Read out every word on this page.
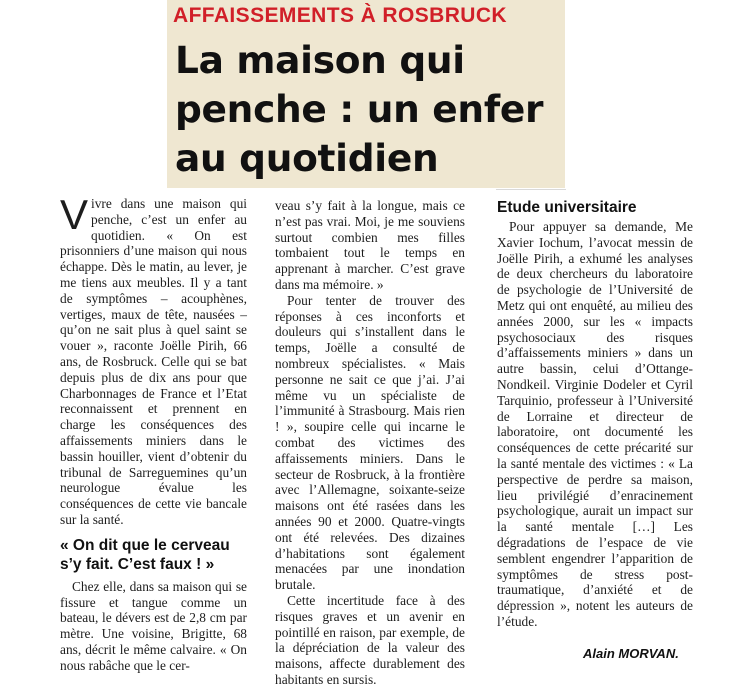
AFFAISSEMENTS À ROSBRUCK
La maison qui
penche : un enfer
au quotidien

Vivre dans une maison qui penche, c’est un enfer au quotidien. « On est prisonniers d’une maison qui nous échappe. Dès le matin, au lever, je me tiens aux meubles. Il y a tant de symptômes – acouphènes, vertiges, maux de tête, nausées – qu’on ne sait plus à quel saint se vouer », raconte Joëlle Pirih, 66 ans, de Rosbruck. Celle qui se bat depuis plus de dix ans pour que Charbonnages de France et l’Etat reconnaissent et prennent en charge les conséquences des affaissements miniers dans le bassin houiller, vient d’obtenir du tribunal de Sarreguemines qu’un neurologue évalue les conséquences de cette vie bancale sur la santé.

« On dit que le cerveau s’y fait. C’est faux ! »

Chez elle, dans sa maison qui se fissure et tangue comme un bateau, le dévers est de 2,8 cm par mètre. Une voisine, Brigitte, 68 ans, décrit le même calvaire. « On nous rabâche que le cer-

veau s’y fait à la longue, mais ce n’est pas vrai. Moi, je me souviens surtout combien mes filles tombaient tout le temps en apprenant à marcher. C’est grave dans ma mémoire. »

Pour tenter de trouver des réponses à ces inconforts et douleurs qui s’installent dans le temps, Joëlle a consulté de nombreux spécialistes. « Mais personne ne sait ce que j’ai. J’ai même vu un spécialiste de l’immunité à Strasbourg. Mais rien ! », soupire celle qui incarne le combat des victimes des affaissements miniers. Dans le secteur de Rosbruck, à la frontière avec l’Allemagne, soixante-seize maisons ont été rasées dans les années 90 et 2000. Quatre-vingts ont été relevées. Des dizaines d’habitations sont également menacées par une inondation brutale.

Cette incertitude face à des risques graves et un avenir en pointillé en raison, par exemple, de la dépréciation de la valeur des maisons, affecte durablement des habitants en sursis.

Etude universitaire

Pour appuyer sa demande, Me Xavier Iochum, l’avocat messin de Joëlle Pirih, a exhumé les analyses de deux chercheurs du laboratoire de psychologie de l’Université de Metz qui ont enquêté, au milieu des années 2000, sur les « impacts psychosociaux des risques d’affaissements miniers » dans un autre bassin, celui d’Ottange-Nondkeil. Virginie Dodeler et Cyril Tarquinio, professeur à l’Université de Lorraine et directeur de laboratoire, ont documenté les conséquences de cette précarité sur la santé mentale des victimes : « La perspective de perdre sa maison, lieu privilégié d’enracinement psychologique, aurait un impact sur la santé mentale […] Les dégradations de l’espace de vie semblent engendrer l’apparition de symptômes de stress post-traumatique, d’anxiété et de dépression », notent les auteurs de l’étude.

Alain MORVAN.
